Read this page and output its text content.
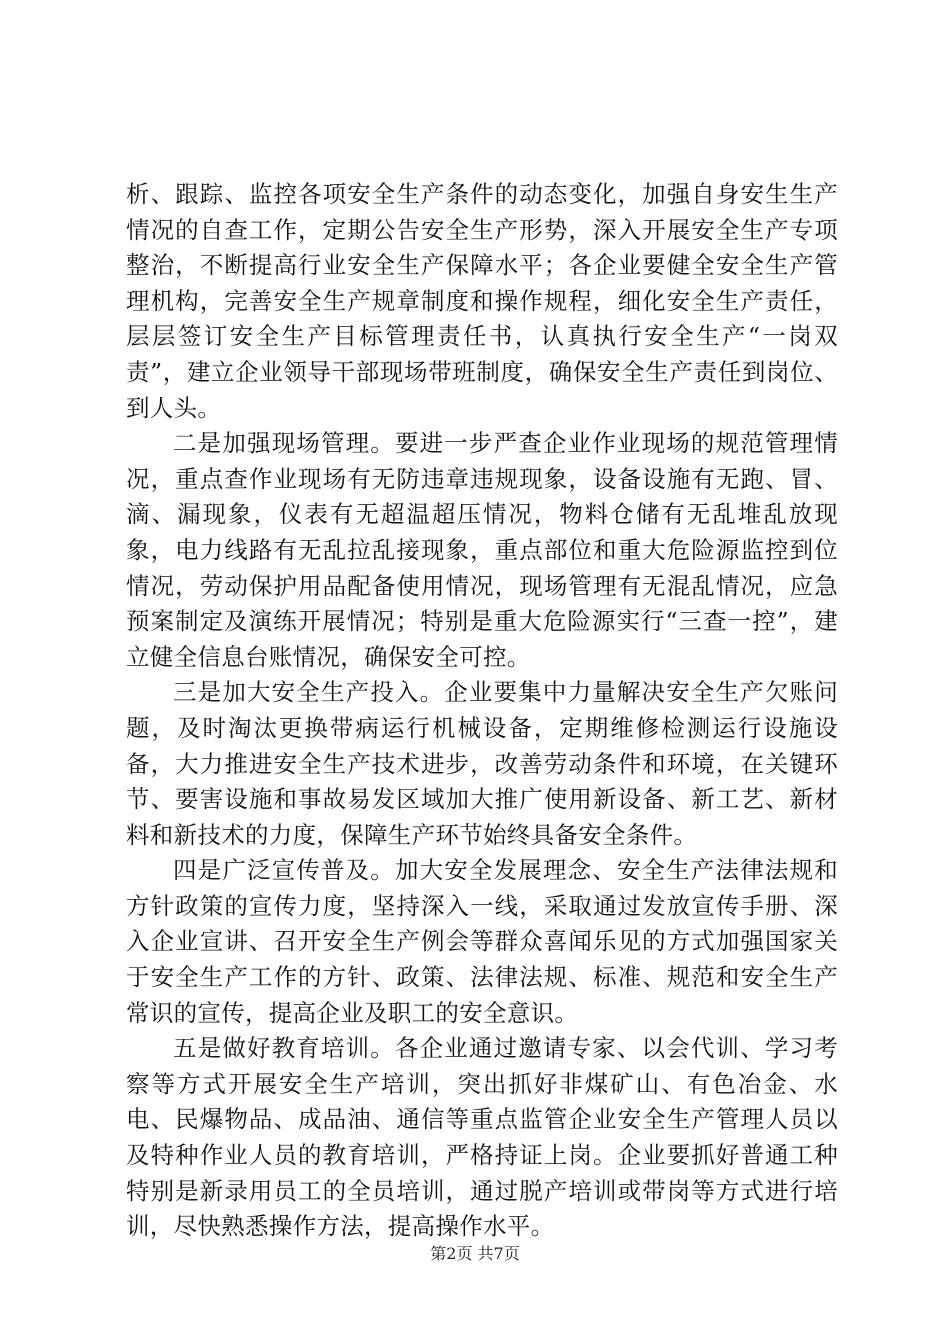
析、跟踪、监控各项安全生产条件的动态变化，加强自身安生生产情况的自查工作，定期公告安全生产形势，深入开展安全生产专项整治，不断提高行业安全生产保障水平；各企业要健全安全生产管理机构，完善安全生产规章制度和操作规程，细化安全生产责任，层层签订安全生产目标管理责任书，认真执行安全生产“一岗双责”，建立企业领导干部现场带班制度，确保安全生产责任到岗位、到人头。

二是加强现场管理。要进一步严查企业作业现场的规范管理情况，重点查作业现场有无防违章违规现象，设备设施有无跑、冒、滴、漏现象，仪表有无超温超压情况，物料仓储有无乱堆乱放现象，电力线路有无乱拉乱接现象，重点部位和重大危险源监控到位情况，劳动保护用品配备使用情况，现场管理有无混乱情况，应急预案制定及演练开展情况；特别是重大危险源实行“三查一控”，建立健全信息台账情况，确保安全可控。

三是加大安全生产投入。企业要集中力量解决安全生产欠账问题，及时淘汰更换带病运行机械设备，定期维修检测运行设施设备，大力推进安全生产技术进步，改善劳动条件和环境，在关键环节、要害设施和事故易发区域加大推广使用新设备、新工艺、新材料和新技术的力度，保障生产环节始终具备安全条件。

四是广泛宣传普及。加大安全发展理念、安全生产法律法规和方针政策的宣传力度，坚持深入一线，采取通过发放宣传手册、深入企业宣讲、召开安全生产例会等群众喜闻乐见的方式加强国家关于安全生产工作的方针、政策、法律法规、标准、规范和安全生产常识的宣传，提高企业及职工的安全意识。

五是做好教育培训。各企业通过邀请专家、以会代训、学习考察等方式开展安全生产培训，突出抓好非煤矿山、有色冶金、水电、民爆物品、成品油、通信等重点监管企业安全生产管理人员以及特种作业人员的教育培训，严格持证上岗。企业要抓好普通工种特别是新录用员工的全员培训，通过脱产培训或带岗等方式进行培训，尽快熟悉操作方法，提高操作水平。

第2页 共7页
